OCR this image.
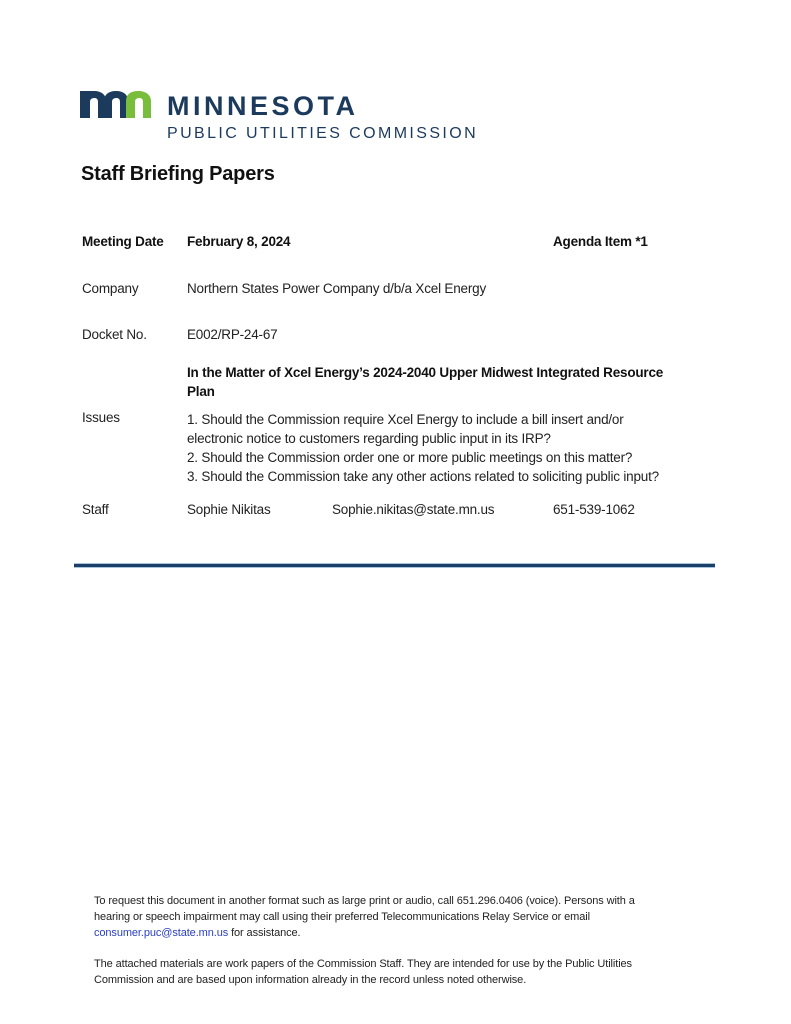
MINNESOTA
PUBLIC UTILITIES COMMISSION
Staff Briefing Papers
Meeting Date February 8, 2024	Agenda Item *1
Company	Northern States Power Company d/b/a Xcel Energy
Docket No.	E002/RP-24-67
In the Matter of Xcel Energy’s 2024-2040 Upper Midwest Integrated Resource
Plan
Issues	1. Should the Commission require Xcel Energy to include a bill insert and/or
electronic notice to customers regarding public input in its IRP?
2. Should the Commission order one or more public meetings on this matter?
3. Should the Commission take any other actions related to soliciting public input?
Staff	Sophie Nikitas	Sophie.nikitas@state.mn.us	651-539-1062
To request this document in another format such as large print or audio, call 651.296.0406 (voice). Persons with a
hearing or speech impairment may call using their preferred Telecommunications Relay Service or email
consumer.puc@state.mn.us for assistance.
The attached materials are work papers of the Commission Staff. They are intended for use by the Public Utilities
Commission and are based upon information already in the record unless noted otherwise.
